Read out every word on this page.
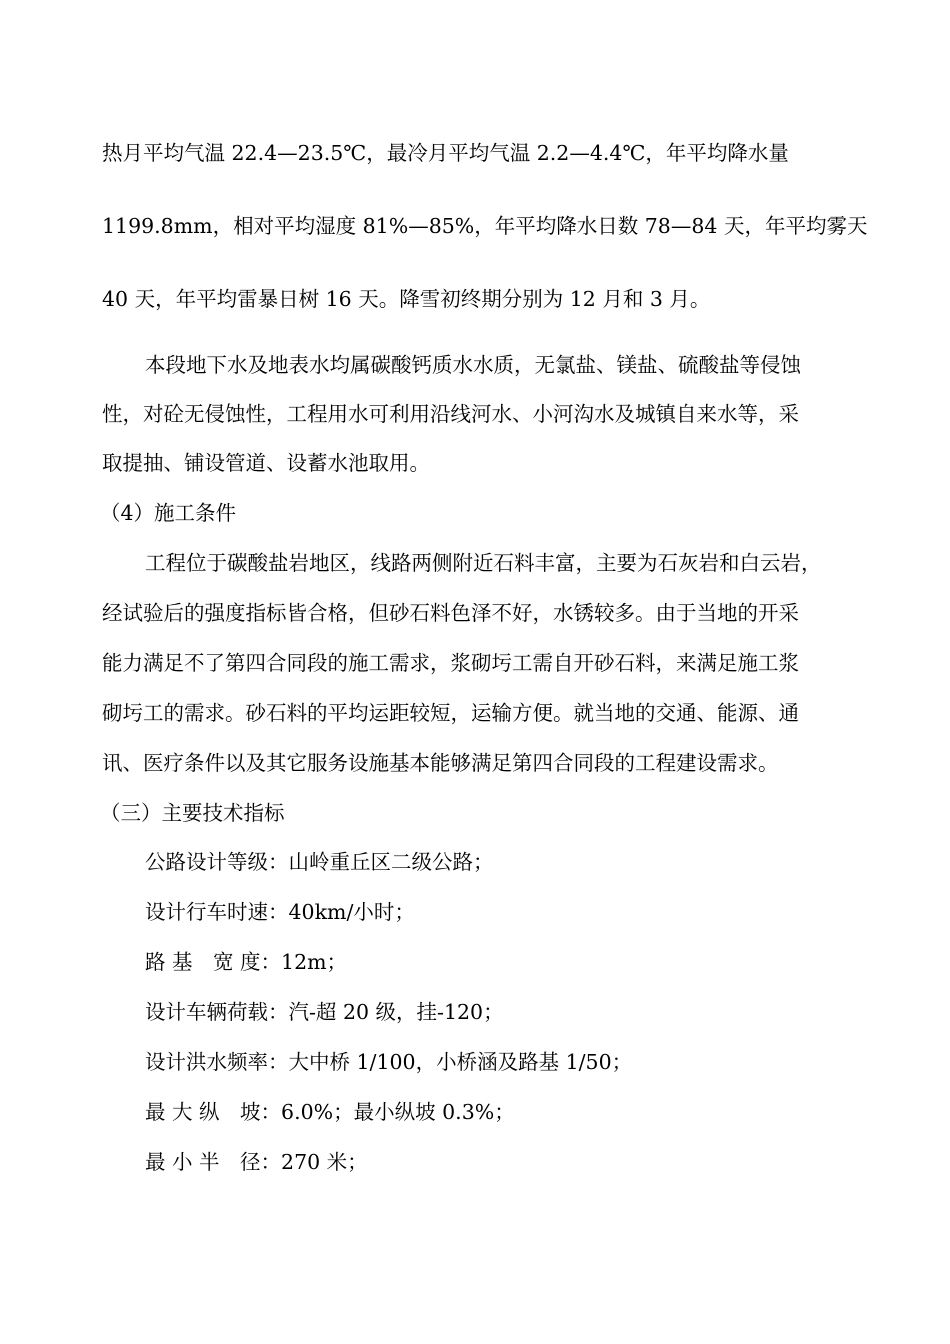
热月平均气温 22.4—23.5℃，最冷月平均气温 2.2—4.4℃，年平均降水量
1199.8mm，相对平均湿度 81%—85%，年平均降水日数 78—84 天，年平均雾天
40 天，年平均雷暴日树 16 天。降雪初终期分别为 12 月和 3 月。
本段地下水及地表水均属碳酸钙质水水质，无氯盐、镁盐、硫酸盐等侵蚀
性，对砼无侵蚀性，工程用水可利用沿线河水、小河沟水及城镇自来水等，采
取提抽、铺设管道、设蓄水池取用。
（4）施工条件
工程位于碳酸盐岩地区，线路两侧附近石料丰富，主要为石灰岩和白云岩，
经试验后的强度指标皆合格，但砂石料色泽不好，水锈较多。由于当地的开采
能力满足不了第四合同段的施工需求，浆砌圬工需自开砂石料，来满足施工浆
砌圬工的需求。砂石料的平均运距较短，运输方便。就当地的交通、能源、通
讯、医疗条件以及其它服务设施基本能够满足第四合同段的工程建设需求。
（三）主要技术指标
公路设计等级：山岭重丘区二级公路；
设计行车时速：40km/小时；
路 基　宽 度：12m；
设计车辆荷载：汽-超 20 级，挂-120；
设计洪水频率：大中桥 1/100，小桥涵及路基 1/50；
最 大 纵　坡：6.0%；最小纵坡 0.3%；
最 小 半　径：270 米；
